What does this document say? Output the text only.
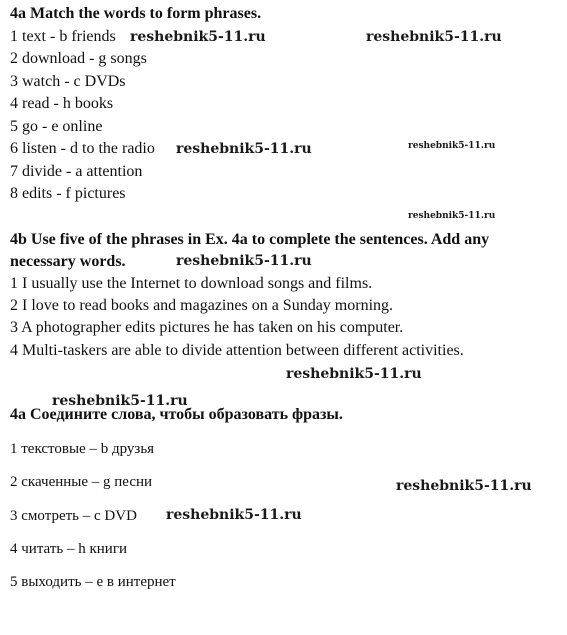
4a Match the words to form phrases.
1 text - b friends
2 download - g songs
3 watch - c DVDs
4 read - h books
5 go - e online
6 listen - d to the radio
7 divide - a attention
8 edits - f pictures
4b Use five of the phrases in Ex. 4a to complete the sentences. Add any
necessary words.
1 I usually use the Internet to download songs and films.
2 I love to read books and magazines on a Sunday morning.
3 A photographer edits pictures he has taken on his computer.
4 Multi-taskers are able to divide attention between different activities.
4a Соедините слова, чтобы образовать фразы.
1 текстовые – b друзья
2 скаченные – g песни
3 смотреть – c DVD
4 читать – h книги
5 выходить – e в интернет
reshebnik5-11.ru	reshebnik5-11.ru
reshebnik5-11.ru	reshebnik5-11.ru
reshebnik5-11.ru
reshebnik5-11.ru
reshebnik5-11.ru
reshebnik5-11.ru
reshebnik5-11.ru
reshebnik5-11.ru
